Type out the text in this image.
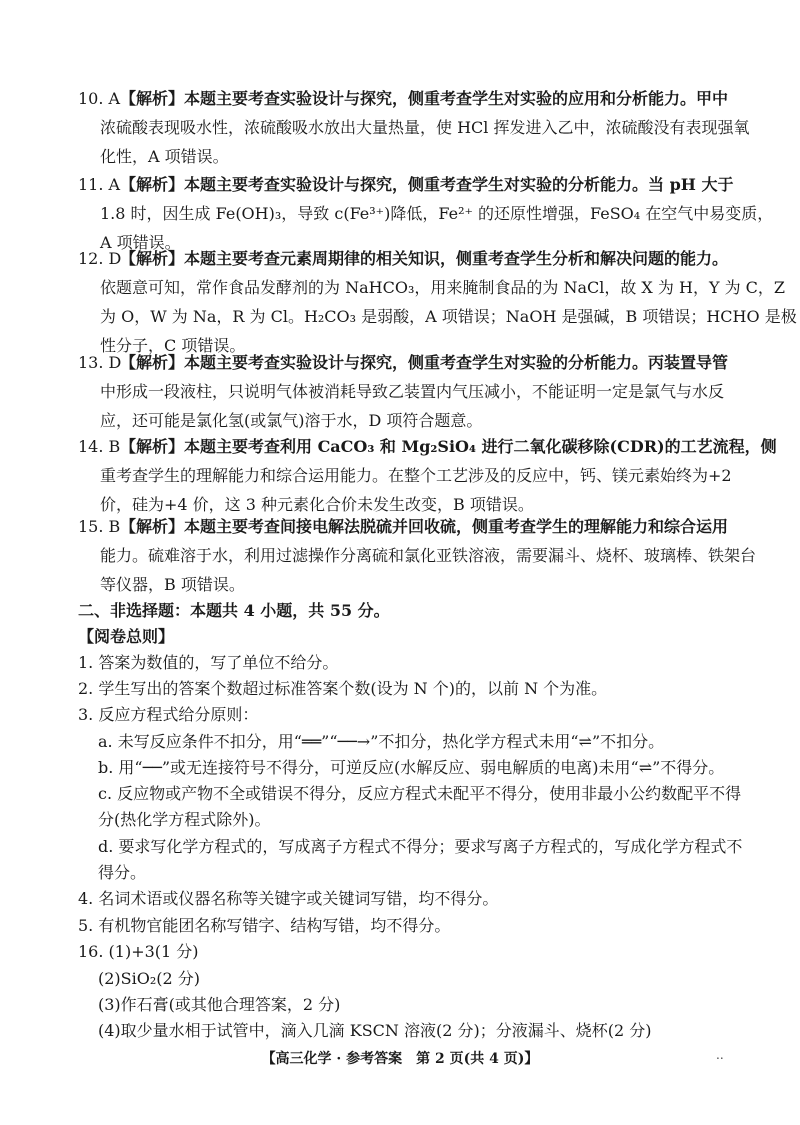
10. A【解析】本题主要考查实验设计与探究，侧重考查学生对实验的应用和分析能力。甲中
浓硫酸表现吸水性，浓硫酸吸水放出大量热量，使 HCl 挥发进入乙中，浓硫酸没有表现强氧
化性，A 项错误。
11. A【解析】本题主要考查实验设计与探究，侧重考查学生对实验的分析能力。当 pH 大于
1.8 时，因生成 Fe(OH)₃，导致 c(Fe³⁺)降低，Fe²⁺ 的还原性增强，FeSO₄ 在空气中易变质，
A 项错误。
12. D【解析】本题主要考查元素周期律的相关知识，侧重考查学生分析和解决问题的能力。
依题意可知，常作食品发酵剂的为 NaHCO₃，用来腌制食品的为 NaCl，故 X 为 H，Y 为 C，Z
为 O，W 为 Na，R 为 Cl。H₂CO₃ 是弱酸，A 项错误；NaOH 是强碱，B 项错误；HCHO 是极
性分子，C 项错误。
13. D【解析】本题主要考查实验设计与探究，侧重考查学生对实验的分析能力。丙装置导管
中形成一段液柱，只说明气体被消耗导致乙装置内气压减小，不能证明一定是氯气与水反
应，还可能是氯化氢(或氯气)溶于水，D 项符合题意。
14. B【解析】本题主要考查利用 CaCO₃ 和 Mg₂SiO₄ 进行二氧化碳移除(CDR)的工艺流程，侧
重考查学生的理解能力和综合运用能力。在整个工艺涉及的反应中，钙、镁元素始终为+2
价，硅为+4 价，这 3 种元素化合价未发生改变，B 项错误。
15. B【解析】本题主要考查间接电解法脱硫并回收硫，侧重考查学生的理解能力和综合运用
能力。硫难溶于水，利用过滤操作分离硫和氯化亚铁溶液，需要漏斗、烧杯、玻璃棒、铁架台
等仪器，B 项错误。
二、非选择题：本题共 4 小题，共 55 分。
【阅卷总则】
1. 答案为数值的，写了单位不给分。
2. 学生写出的答案个数超过标准答案个数(设为 N 个)的，以前 N 个为准。
3. 反应方程式给分原则：
a. 未写反应条件不扣分，用“══”“──→”不扣分，热化学方程式未用“⇌”不扣分。
b. 用“──”或无连接符号不得分，可逆反应(水解反应、弱电解质的电离)未用“⇌”不得分。
c. 反应物或产物不全或错误不得分，反应方程式未配平不得分，使用非最小公约数配平不得
分(热化学方程式除外)。
d. 要求写化学方程式的，写成离子方程式不得分；要求写离子方程式的，写成化学方程式不
得分。
4. 名词术语或仪器名称等关键字或关键词写错，均不得分。
5. 有机物官能团名称写错字、结构写错，均不得分。
16. (1)+3(1 分)
(2)SiO₂(2 分)
(3)作石膏(或其他合理答案，2 分)
(4)取少量水相于试管中，滴入几滴 KSCN 溶液(2 分)；分液漏斗、烧杯(2 分)
【高三化学 · 参考答案　第 2 页(共 4 页)】	..
